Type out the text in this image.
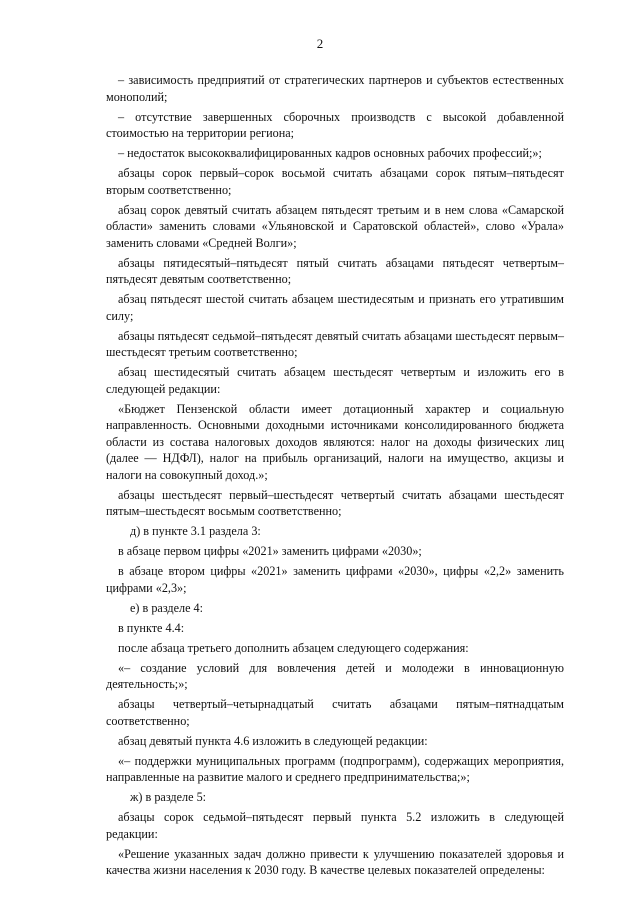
2

– зависимость предприятий от стратегических партнеров и субъектов естественных монополий;

– отсутствие завершенных сборочных производств с высокой добавленной стоимостью на территории региона;

– недостаток высококвалифицированных кадров основных рабочих профессий;»;

абзацы сорок первый–сорок восьмой считать абзацами сорок пятым–пятьдесят вторым соответственно;

абзац сорок девятый считать абзацем пятьдесят третьим и в нем слова «Самарской области» заменить словами «Ульяновской и Саратовской областей», слово «Урала» заменить словами «Средней Волги»;

абзацы пятидесятый–пятьдесят пятый считать абзацами пятьдесят четвертым–пятьдесят девятым соответственно;

абзац пятьдесят шестой считать абзацем шестидесятым и признать его утратившим силу;

абзацы пятьдесят седьмой–пятьдесят девятый считать абзацами шестьдесят первым–шестьдесят третьим соответственно;

абзац шестидесятый считать абзацем шестьдесят четвертым и изложить его в следующей редакции:

«Бюджет Пензенской области имеет дотационный характер и социальную направленность. Основными доходными источниками консолидированного бюджета области из состава налоговых доходов являются: налог на доходы физических лиц (далее — НДФЛ), налог на прибыль организаций, налоги на имущество, акцизы и налоги на совокупный доход.»;

абзацы шестьдесят первый–шестьдесят четвертый считать абзацами шестьдесят пятым–шестьдесят восьмым соответственно;

д) в пункте 3.1 раздела 3:

в абзаце первом цифры «2021» заменить цифрами «2030»;

в абзаце втором цифры «2021» заменить цифрами «2030», цифры «2,2» заменить цифрами «2,3»;

е) в разделе 4:

в пункте 4.4:

после абзаца третьего дополнить абзацем следующего содержания:

«– создание условий для вовлечения детей и молодежи в инновационную деятельность;»;

абзацы четвертый–четырнадцатый считать абзацами пятым–пятнадцатым соответственно;

абзац девятый пункта 4.6 изложить в следующей редакции:

«– поддержки муниципальных программ (подпрограмм), содержащих мероприятия, направленные на развитие малого и среднего предпринимательства;»;

ж) в разделе 5:

абзацы сорок седьмой–пятьдесят первый пункта 5.2 изложить в следующей редакции:

«Решение указанных задач должно привести к улучшению показателей здоровья и качества жизни населения к 2030 году. В качестве целевых показателей определены:
